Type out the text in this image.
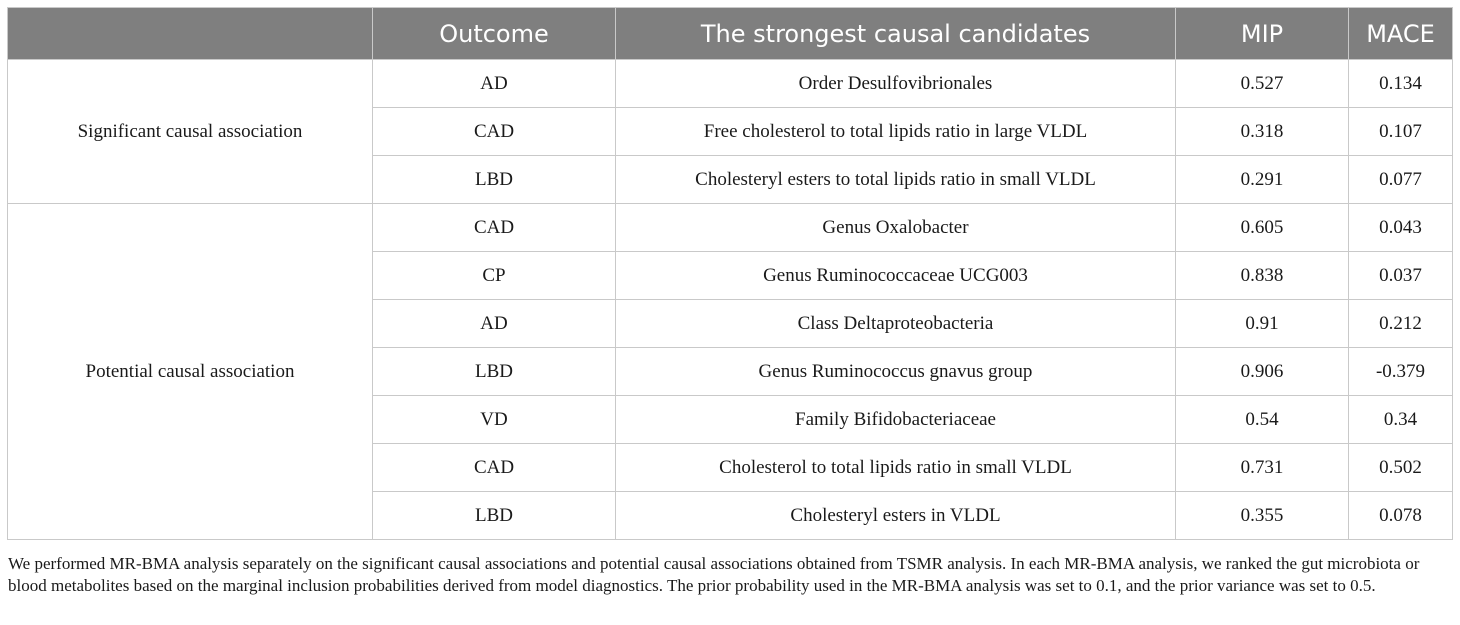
	Outcome	The strongest causal candidates	MIP	MACE
Significant causal association	AD	Order Desulfovibrionales	0.527	0.134
	CAD	Free cholesterol to total lipids ratio in large VLDL	0.318	0.107
	LBD	Cholesteryl esters to total lipids ratio in small VLDL	0.291	0.077
Potential causal association	CAD	Genus Oxalobacter	0.605	0.043
	CP	Genus Ruminococcaceae UCG003	0.838	0.037
	AD	Class Deltaproteobacteria	0.91	0.212
	LBD	Genus Ruminococcus gnavus group	0.906	-0.379
	VD	Family Bifidobacteriaceae	0.54	0.34
	CAD	Cholesterol to total lipids ratio in small VLDL	0.731	0.502
	LBD	Cholesteryl esters in VLDL	0.355	0.078
We performed MR-BMA analysis separately on the significant causal associations and potential causal associations obtained from TSMR analysis. In each MR-BMA analysis, we ranked the gut microbiota or blood metabolites based on the marginal inclusion probabilities derived from model diagnostics. The prior probability used in the MR-BMA analysis was set to 0.1, and the prior variance was set to 0.5.
